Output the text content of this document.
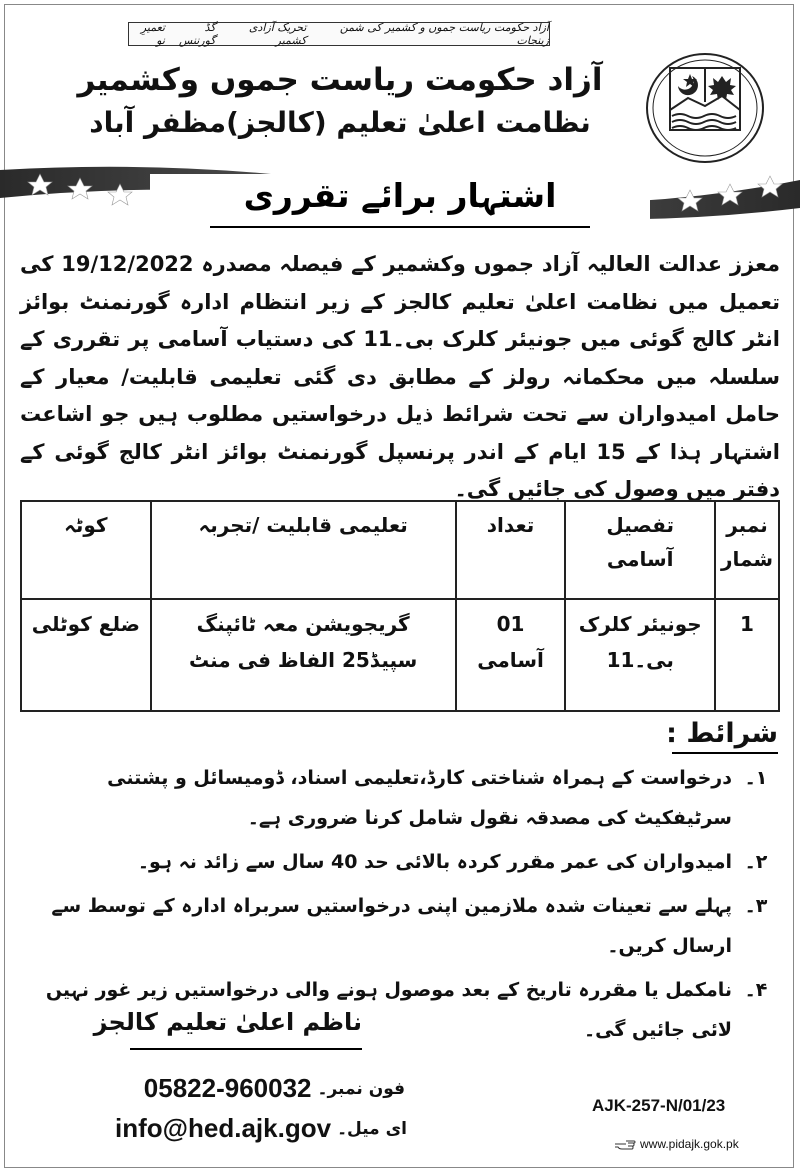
آزاد حکومت ریاست جموں و کشمیر کی شمن زینجات
تحریک آزادی کشمیر
گڈ گورننس
تعمیرِ نو
آزاد حکومت ریاست جموں وکشمیر
نظامت اعلیٰ تعلیم (کالجز)مظفر آباد
اشتہار برائے تقرری
معزز عدالت العالیہ آزاد جموں وکشمیر کے فیصلہ مصدرہ 19/12/2022 کی تعمیل میں نظامت اعلیٰ تعلیم کالجز کے زیر انتظام ادارہ گورنمنٹ بوائز انٹر کالج گوئی میں جونیئر کلرک بی۔11 کی دستیاب آسامی پر تقرری کے سلسلہ میں محکمانہ رولز کے مطابق دی گئی تعلیمی قابلیت/ معیار کے حامل امیدواران سے تحت شرائط ذیل درخواستیں مطلوب ہیں جو اشاعت اشتہار ہذا کے 15 ایام کے اندر پرنسپل گورنمنٹ بوائز انٹر کالج گوئی کے دفتر میں وصول کی جائیں گی۔
نمبر شمار	تفصیل آسامی	تعداد	تعلیمی قابلیت /تجربہ	کوٹہ
1	جونیئر کلرک بی۔11	01 آسامی	گریجویشن معہ ٹائپنگ سپیڈ25 الفاظ فی منٹ	ضلع کوٹلی
شرائط :
۱۔
درخواست کے ہمراہ شناختی کارڈ،تعلیمی اسناد، ڈومیسائل و پشتنی سرٹیفکیٹ کی مصدقہ نقول شامل کرنا ضروری ہے۔
۲۔
امیدواران کی عمر مقرر کردہ بالائی حد 40 سال سے زائد نہ ہو۔
۳۔
پہلے سے تعینات شدہ ملازمین اپنی درخواستیں سربراہ ادارہ کے توسط سے ارسال کریں۔
۴۔
نامکمل یا مقررہ تاریخ کے بعد موصول ہونے والی درخواستیں زیر غور نہیں لائی جائیں گی۔
ناظم اعلیٰ تعلیم کالجز
فون نمبر۔
05822-960032
ای میل۔
info@hed.ajk.gov
AJK-257-N/01/23
www.pidajk.gok.pk
